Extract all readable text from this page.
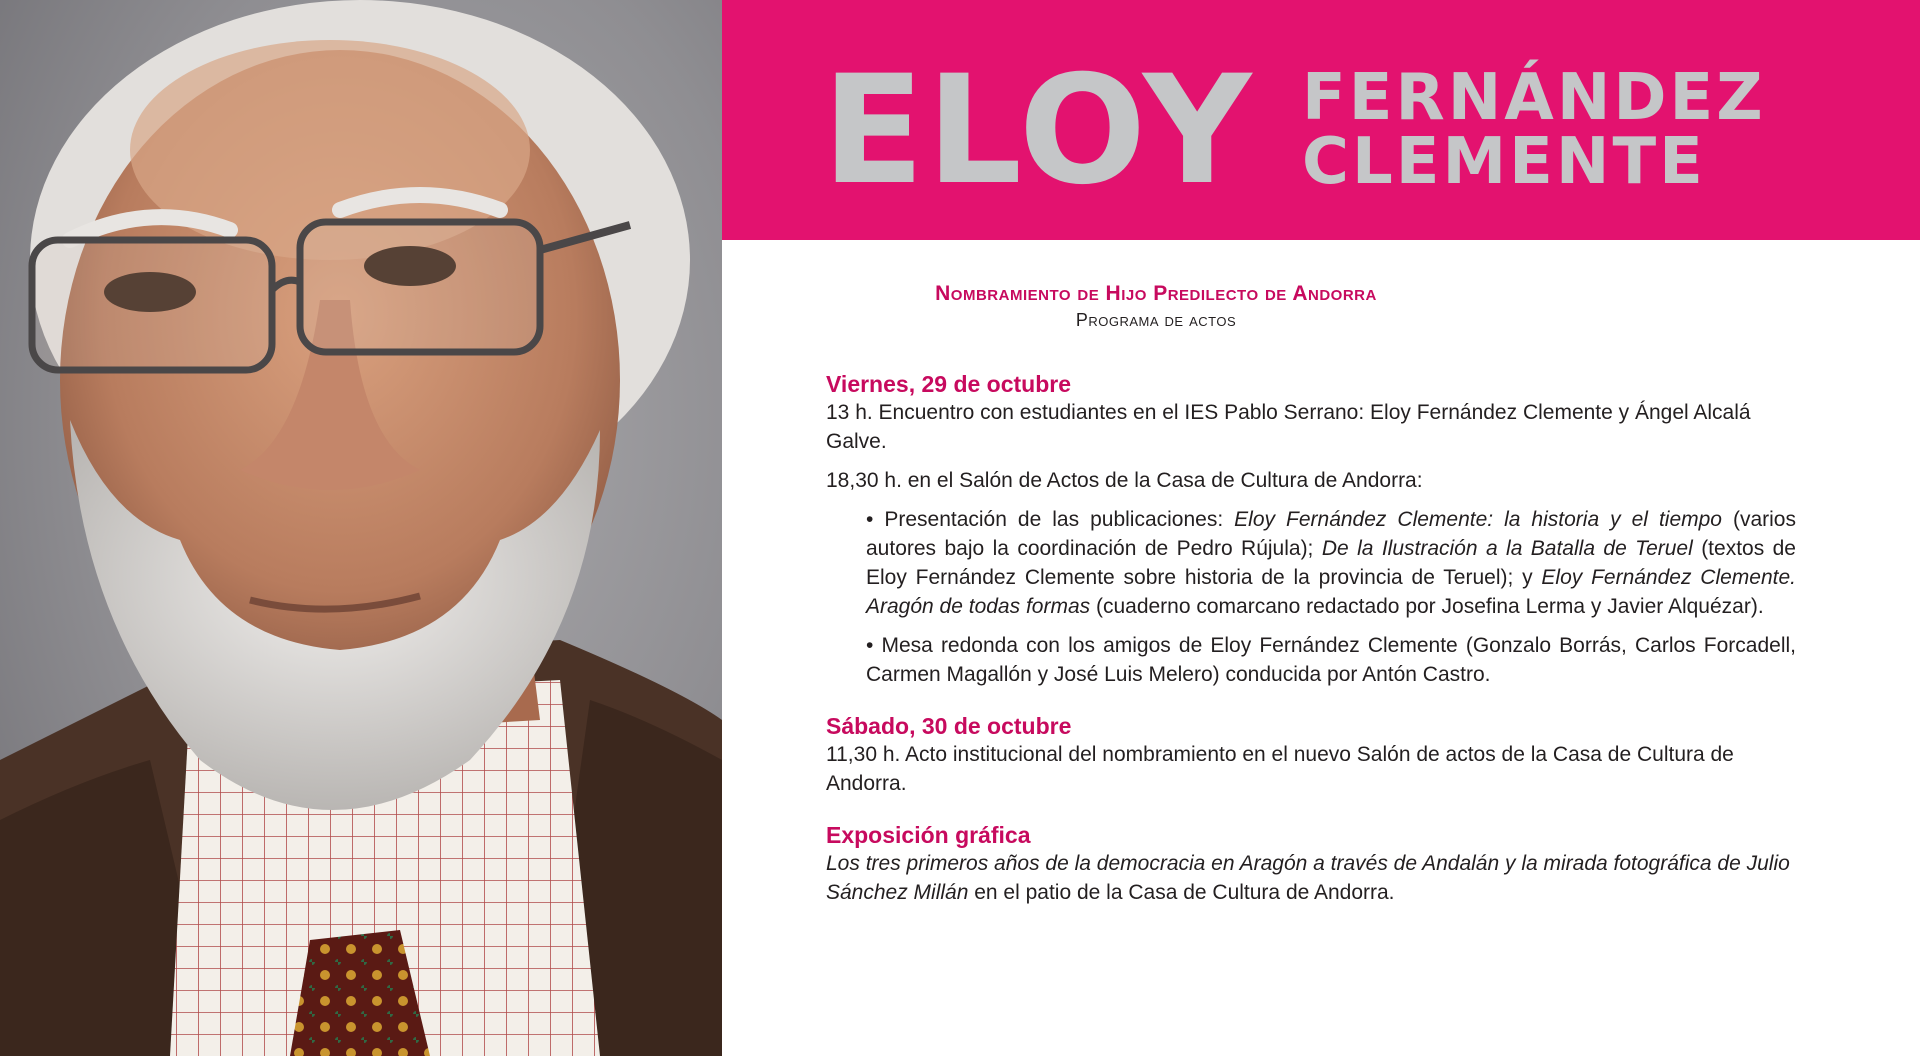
ELOY FERNÁNDEZ
CLEMENTE
Nombramiento de Hijo Predilecto de Andorra
Programa de actos
Viernes, 29 de octubre

13 h. Encuentro con estudiantes en el IES Pablo Serrano: Eloy Fernández Clemente y Ángel Alcalá Galve.

18,30 h. en el Salón de Actos de la Casa de Cultura de Andorra:

• Presentación de las publicaciones: Eloy Fernández Clemente: la historia y el tiempo (varios autores bajo la coordinación de Pedro Rújula); De la Ilustración a la Batalla de Teruel (textos de Eloy Fernández Clemente sobre historia de la provincia de Teruel); y Eloy Fernández Clemente. Aragón de todas formas (cuaderno comarcano redactado por Josefina Lerma y Javier Alquézar).

• Mesa redonda con los amigos de Eloy Fernández Clemente (Gonzalo Borrás, Carlos Forcadell, Carmen Magallón y José Luis Melero) conducida por Antón Castro.

Sábado, 30 de octubre

11,30 h. Acto institucional del nombramiento en el nuevo Salón de actos de la Casa de Cultura de Andorra.

Exposición gráfica

Los tres primeros años de la democracia en Aragón a través de Andalán y la mirada fotográfica de Julio Sánchez Millán en el patio de la Casa de Cultura de Andorra.
